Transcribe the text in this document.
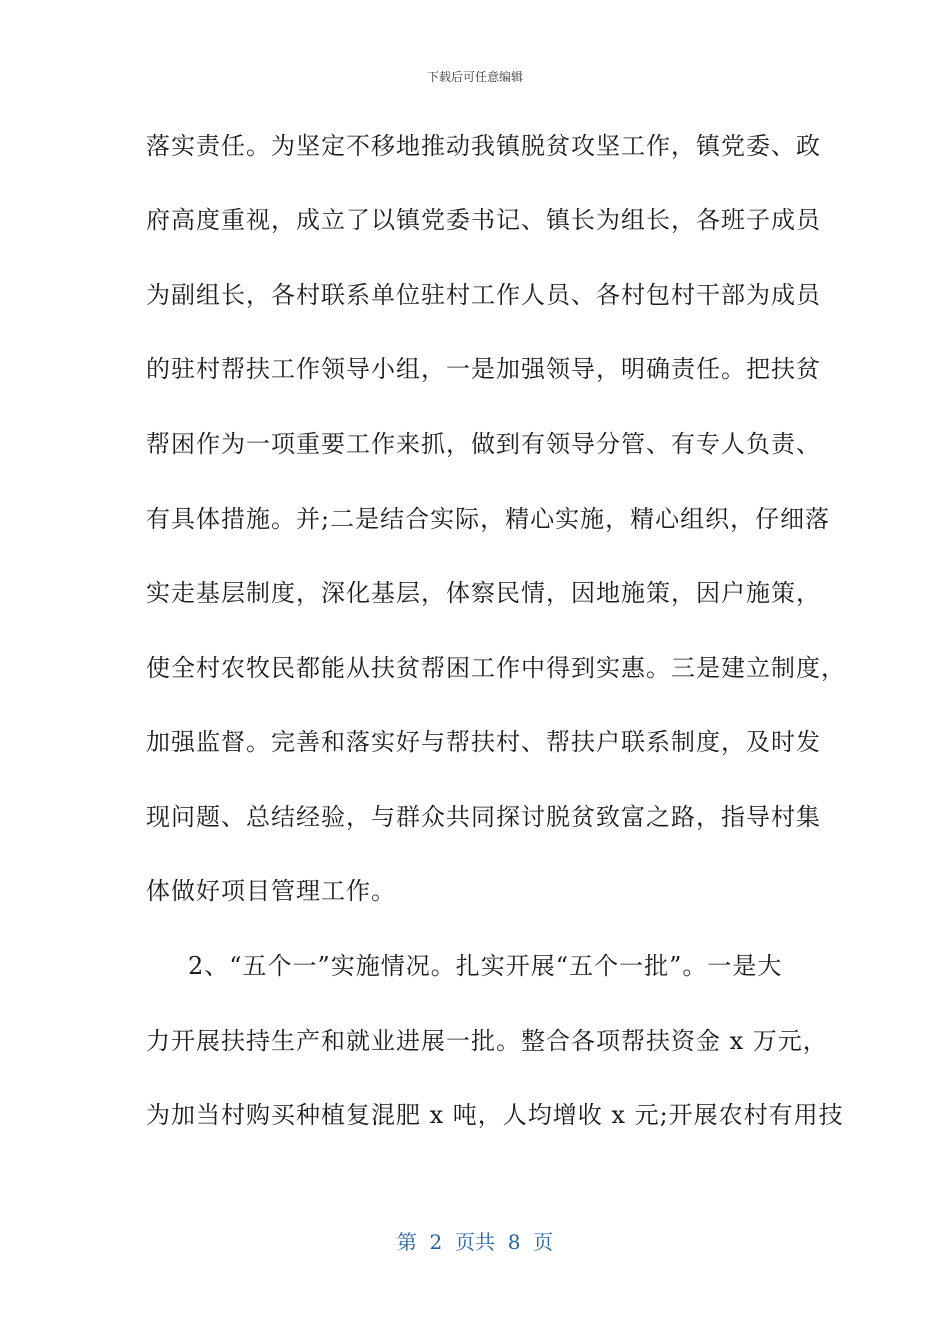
下载后可任意编辑
落实责任。为坚定不移地推动我镇脱贫攻坚工作，镇党委、政
府高度重视，成立了以镇党委书记、镇长为组长，各班子成员
为副组长，各村联系单位驻村工作人员、各村包村干部为成员
的驻村帮扶工作领导小组，一是加强领导，明确责任。把扶贫
帮困作为一项重要工作来抓，做到有领导分管、有专人负责、
有具体措施。并;二是结合实际，精心实施，精心组织，仔细落
实走基层制度，深化基层，体察民情，因地施策，因户施策，
使全村农牧民都能从扶贫帮困工作中得到实惠。三是建立制度，
加强监督。完善和落实好与帮扶村、帮扶户联系制度，及时发
现问题、总结经验，与群众共同探讨脱贫致富之路，指导村集
体做好项目管理工作。
2、“五个一”实施情况。扎实开展“五个一批”。一是大
力开展扶持生产和就业进展一批。整合各项帮扶资金 x 万元，
为加当村购买种植复混肥 x 吨，人均增收 x 元;开展农村有用技
第  2  页共  8  页
